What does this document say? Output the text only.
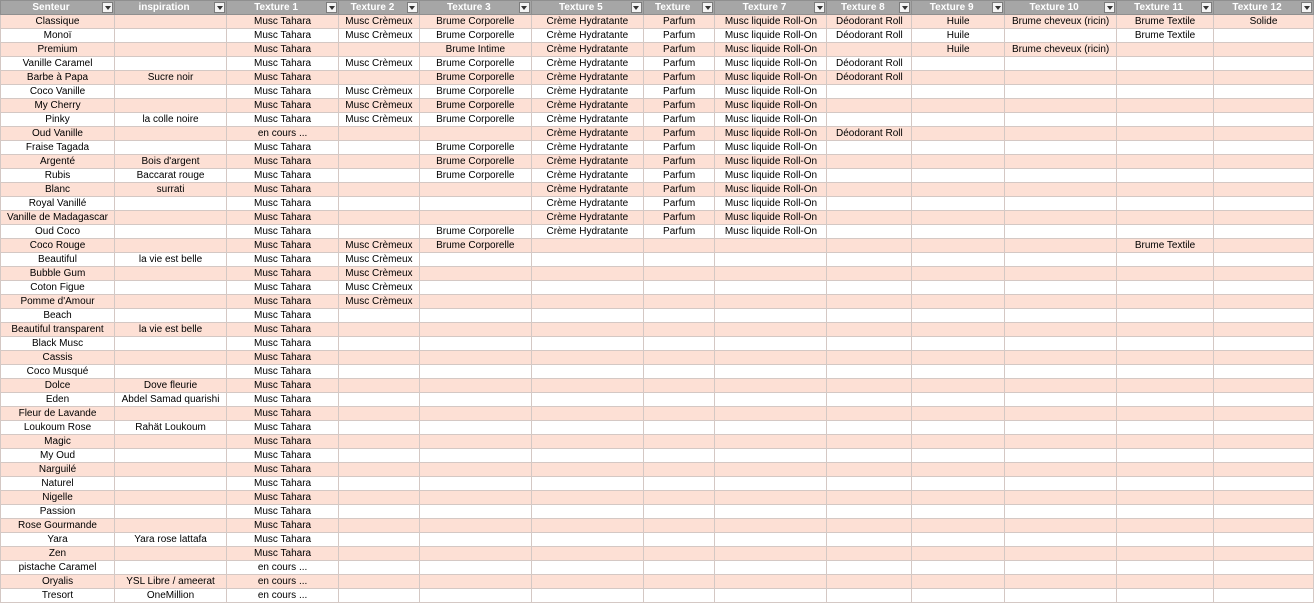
Senteur	inspiration	Texture 1	Texture 2	Texture 3	Texture 5	Texture	Texture 7	Texture 8	Texture 9	Texture 10	Texture 11	Texture 12

Classique		Musc Tahara	Musc Crèmeux	Brume Corporelle	Crème Hydratante	Parfum	Musc liquide Roll-On	Déodorant Roll	Huile	Brume cheveux (ricin)	Brume Textile	Solide
Monoï		Musc Tahara	Musc Crèmeux	Brume Corporelle	Crème Hydratante	Parfum	Musc liquide Roll-On	Déodorant Roll	Huile		Brume Textile	
Premium		Musc Tahara		Brume Intime	Crème Hydratante	Parfum	Musc liquide Roll-On		Huile	Brume cheveux (ricin)		
Vanille Caramel		Musc Tahara	Musc Crèmeux	Brume Corporelle	Crème Hydratante	Parfum	Musc liquide Roll-On	Déodorant Roll				
Barbe à Papa	Sucre noir	Musc Tahara		Brume Corporelle	Crème Hydratante	Parfum	Musc liquide Roll-On	Déodorant Roll				
Coco Vanille		Musc Tahara	Musc Crèmeux	Brume Corporelle	Crème Hydratante	Parfum	Musc liquide Roll-On					
My Cherry		Musc Tahara	Musc Crèmeux	Brume Corporelle	Crème Hydratante	Parfum	Musc liquide Roll-On					
Pinky	la colle noire	Musc Tahara	Musc Crèmeux	Brume Corporelle	Crème Hydratante	Parfum	Musc liquide Roll-On					
Oud Vanille		en cours ...			Crème Hydratante	Parfum	Musc liquide Roll-On	Déodorant Roll				
Fraise Tagada		Musc Tahara		Brume Corporelle	Crème Hydratante	Parfum	Musc liquide Roll-On					
Argenté	Bois d'argent	Musc Tahara		Brume Corporelle	Crème Hydratante	Parfum	Musc liquide Roll-On					
Rubis	Baccarat rouge	Musc Tahara		Brume Corporelle	Crème Hydratante	Parfum	Musc liquide Roll-On					
Blanc	surrati	Musc Tahara			Crème Hydratante	Parfum	Musc liquide Roll-On					
Royal Vanillé		Musc Tahara			Crème Hydratante	Parfum	Musc liquide Roll-On					
Vanille de Madagascar		Musc Tahara			Crème Hydratante	Parfum	Musc liquide Roll-On					
Oud Coco		Musc Tahara		Brume Corporelle	Crème Hydratante	Parfum	Musc liquide Roll-On					
Coco Rouge		Musc Tahara	Musc Crèmeux	Brume Corporelle							Brume Textile	
Beautiful	la vie est belle	Musc Tahara	Musc Crèmeux									
Bubble Gum		Musc Tahara	Musc Crèmeux									
Coton Figue		Musc Tahara	Musc Crèmeux									
Pomme d'Amour		Musc Tahara	Musc Crèmeux									
Beach		Musc Tahara										
Beautiful transparent	la vie est belle	Musc Tahara										
Black Musc		Musc Tahara										
Cassis		Musc Tahara										
Coco Musqué		Musc Tahara										
Dolce	Dove fleurie	Musc Tahara										
Eden	Abdel Samad quarishi	Musc Tahara										
Fleur de Lavande		Musc Tahara										
Loukoum Rose	Rahät Loukoum	Musc Tahara										
Magic		Musc Tahara										
My Oud		Musc Tahara										
Narguilé		Musc Tahara										
Naturel		Musc Tahara										
Nigelle		Musc Tahara										
Passion		Musc Tahara										
Rose Gourmande		Musc Tahara										
Yara	Yara rose lattafa	Musc Tahara										
Zen		Musc Tahara										
pistache Caramel		en cours ...										
Oryalis	YSL Libre / ameerat	en cours ...										
Tresort	OneMillion	en cours ...										
